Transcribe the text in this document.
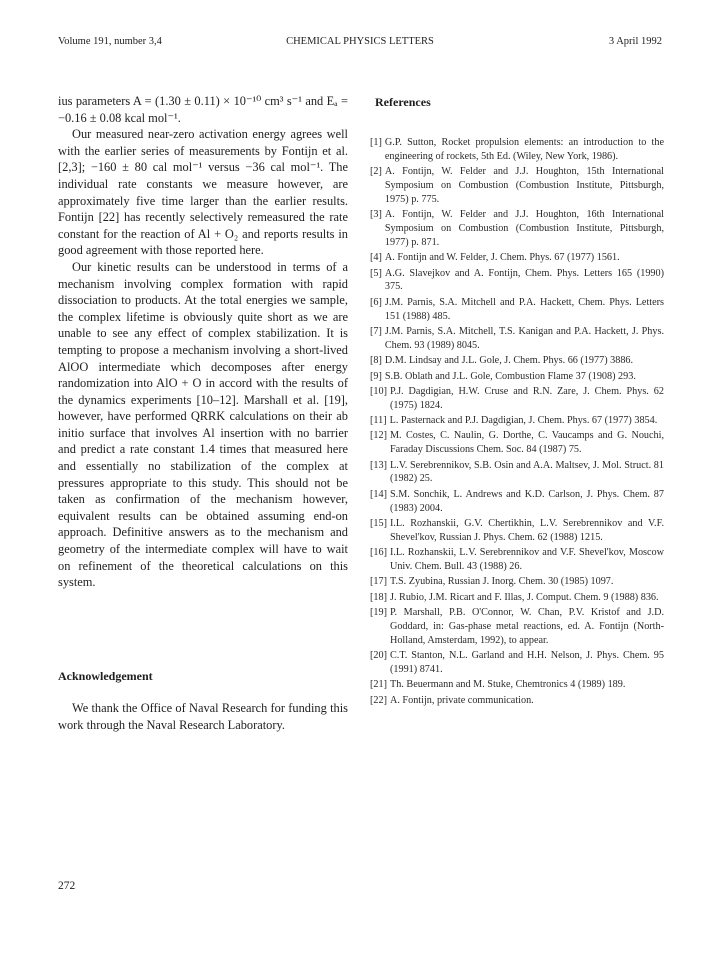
Volume 191, number 3,4	CHEMICAL PHYSICS LETTERS	3 April 1992

ius parameters A = (1.30 ± 0.11) × 10⁻¹⁰ cm³ s⁻¹ and Eₐ = −0.16 ± 0.08 kcal mol⁻¹.

Our measured near-zero activation energy agrees well with the earlier series of measurements by Fontijn et al. [2,3]; −160 ± 80 cal mol⁻¹ versus −36 cal mol⁻¹. The individual rate constants we measure however, are approximately five time larger than the earlier results. Fontijn [22] has recently selectively remeasured the rate constant for the reaction of Al + O₂ and reports results in good agreement with those reported here.

Our kinetic results can be understood in terms of a mechanism involving complex formation with rapid dissociation to products. At the total energies we sample, the complex lifetime is obviously quite short as we are unable to see any effect of complex stabilization. It is tempting to propose a mechanism involving a short-lived AlOO intermediate which decomposes after energy randomization into AlO + O in accord with the results of the dynamics experiments [10–12]. Marshall et al. [19], however, have performed QRRK calculations on their ab initio surface that involves Al insertion with no barrier and predict a rate constant 1.4 times that measured here and essentially no stabilization of the complex at pressures appropriate to this study. This should not be taken as confirmation of the mechanism however, equivalent results can be obtained assuming end-on approach. Definitive answers as to the mechanism and geometry of the intermediate complex will have to wait on refinement of the theoretical calculations on this system.

Acknowledgement
We thank the Office of Naval Research for funding this work through the Naval Research Laboratory.
References
[1] G.P. Sutton, Rocket propulsion elements: an introduction to the engineering of rockets, 5th Ed. (Wiley, New York, 1986).
[2] A. Fontijn, W. Felder and J.J. Houghton, 15th International Symposium on Combustion (Combustion Institute, Pittsburgh, 1975) p. 775.
[3] A. Fontijn, W. Felder and J.J. Houghton, 16th International Symposium on Combustion (Combustion Institute, Pittsburgh, 1977) p. 871.
[4] A. Fontijn and W. Felder, J. Chem. Phys. 67 (1977) 1561.
[5] A.G. Slavejkov and A. Fontijn, Chem. Phys. Letters 165 (1990) 375.
[6] J.M. Parnis, S.A. Mitchell and P.A. Hackett, Chem. Phys. Letters 151 (1988) 485.
[7] J.M. Parnis, S.A. Mitchell, T.S. Kanigan and P.A. Hackett, J. Phys. Chem. 93 (1989) 8045.
[8] D.M. Lindsay and J.L. Gole, J. Chem. Phys. 66 (1977) 3886.
[9] S.B. Oblath and J.L. Gole, Combustion Flame 37 (1908) 293.
[10] P.J. Dagdigian, H.W. Cruse and R.N. Zare, J. Chem. Phys. 62 (1975) 1824.
[11] L. Pasternack and P.J. Dagdigian, J. Chem. Phys. 67 (1977) 3854.
[12] M. Costes, C. Naulin, G. Dorthe, C. Vaucamps and G. Nouchi, Faraday Discussions Chem. Soc. 84 (1987) 75.
[13] L.V. Serebrennikov, S.B. Osin and A.A. Maltsev, J. Mol. Struct. 81 (1982) 25.
[14] S.M. Sonchik, L. Andrews and K.D. Carlson, J. Phys. Chem. 87 (1983) 2004.
[15] I.L. Rozhanskii, G.V. Chertikhin, L.V. Serebrennikov and V.F. Shevel'kov, Russian J. Phys. Chem. 62 (1988) 1215.
[16] I.L. Rozhanskii, L.V. Serebrennikov and V.F. Shevel'kov, Moscow Univ. Chem. Bull. 43 (1988) 26.
[17] T.S. Zyubina, Russian J. Inorg. Chem. 30 (1985) 1097.
[18] J. Rubio, J.M. Ricart and F. Illas, J. Comput. Chem. 9 (1988) 836.
[19] P. Marshall, P.B. O'Connor, W. Chan, P.V. Kristof and J.D. Goddard, in: Gas-phase metal reactions, ed. A. Fontijn (North-Holland, Amsterdam, 1992), to appear.
[20] C.T. Stanton, N.L. Garland and H.H. Nelson, J. Phys. Chem. 95 (1991) 8741.
[21] Th. Beuermann and M. Stuke, Chemtronics 4 (1989) 189.
[22] A. Fontijn, private communication.
272
